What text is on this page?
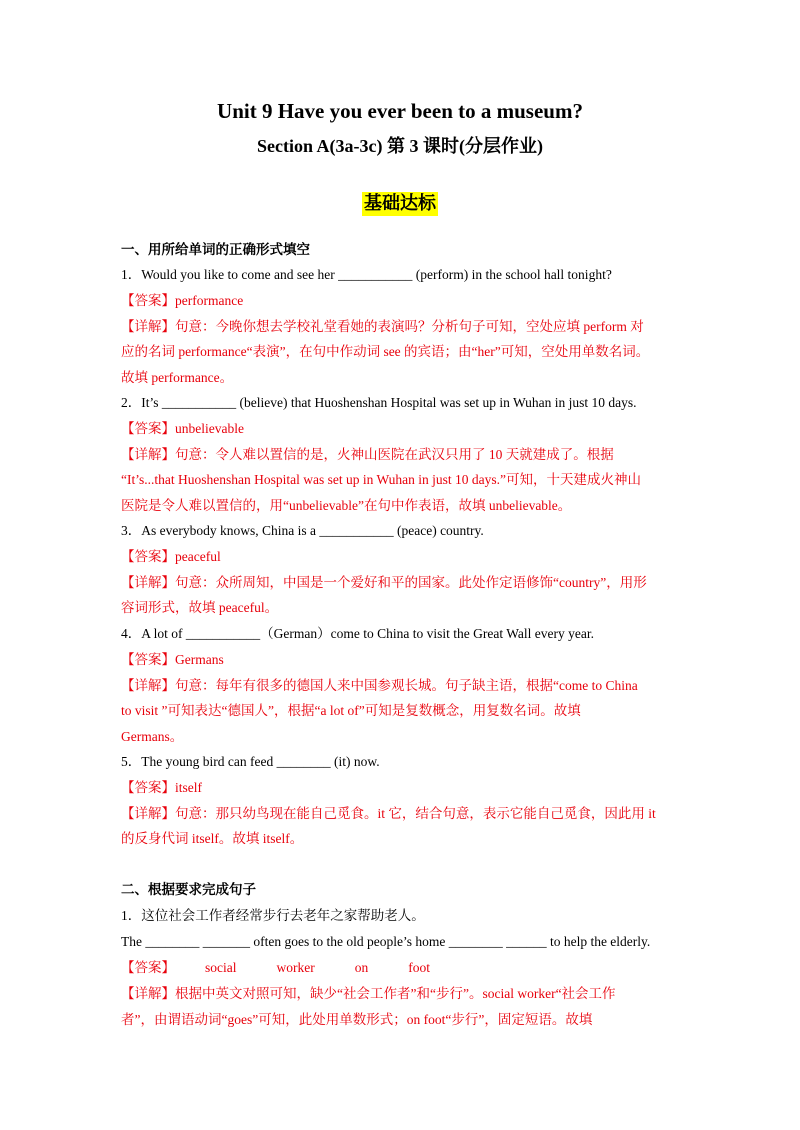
Unit 9 Have you ever been to a museum?
Section A(3a-3c) 第 3 课时(分层作业)
基础达标
一、用所给单词的正确形式填空
1．Would you like to come and see her ___________ (perform) in the school hall tonight?
【答案】performance
【详解】句意：今晚你想去学校礼堂看她的表演吗？分析句子可知，空处应填 perform 对
应的名词 performance“表演”，在句中作动词 see 的宾语；由“her”可知，空处用单数名词。
故填 performance。
2．It’s ___________ (believe) that Huoshenshan Hospital was set up in Wuhan in just 10 days.
【答案】unbelievable
【详解】句意：令人难以置信的是，火神山医院在武汉只用了 10 天就建成了。根据
“It’s...that Huoshenshan Hospital was set up in Wuhan in just 10 days.”可知，十天建成火神山
医院是令人难以置信的，用“unbelievable”在句中作表语，故填 unbelievable。
3．As everybody knows, China is a ___________ (peace) country.
【答案】peaceful
【详解】句意：众所周知，中国是一个爱好和平的国家。此处作定语修饰“country”，用形
容词形式，故填 peaceful。
4．A lot of ___________（German）come to China to visit the Great Wall every year.
【答案】Germans
【详解】句意：每年有很多的德国人来中国参观长城。句子缺主语，根据“come to China
to visit ”可知表达“德国人”，根据“a lot of”可知是复数概念，用复数名词。故填
Germans。
5．The young bird can feed ________ (it) now.
【答案】itself
【详解】句意：那只幼鸟现在能自己觅食。it 它，结合句意，表示它能自己觅食，因此用 it
的反身代词 itself。故填 itself。
二、根据要求完成句子
1．这位社会工作者经常步行去老年之家帮助老人。
The ________ _______ often goes to the old people’s home ________ ______ to help the elderly.
【答案】 social	worker	on	foot
【详解】根据中英文对照可知，缺少“社会工作者”和“步行”。social worker“社会工作
者”，由谓语动词“goes”可知，此处用单数形式；on foot“步行”，固定短语。故填
